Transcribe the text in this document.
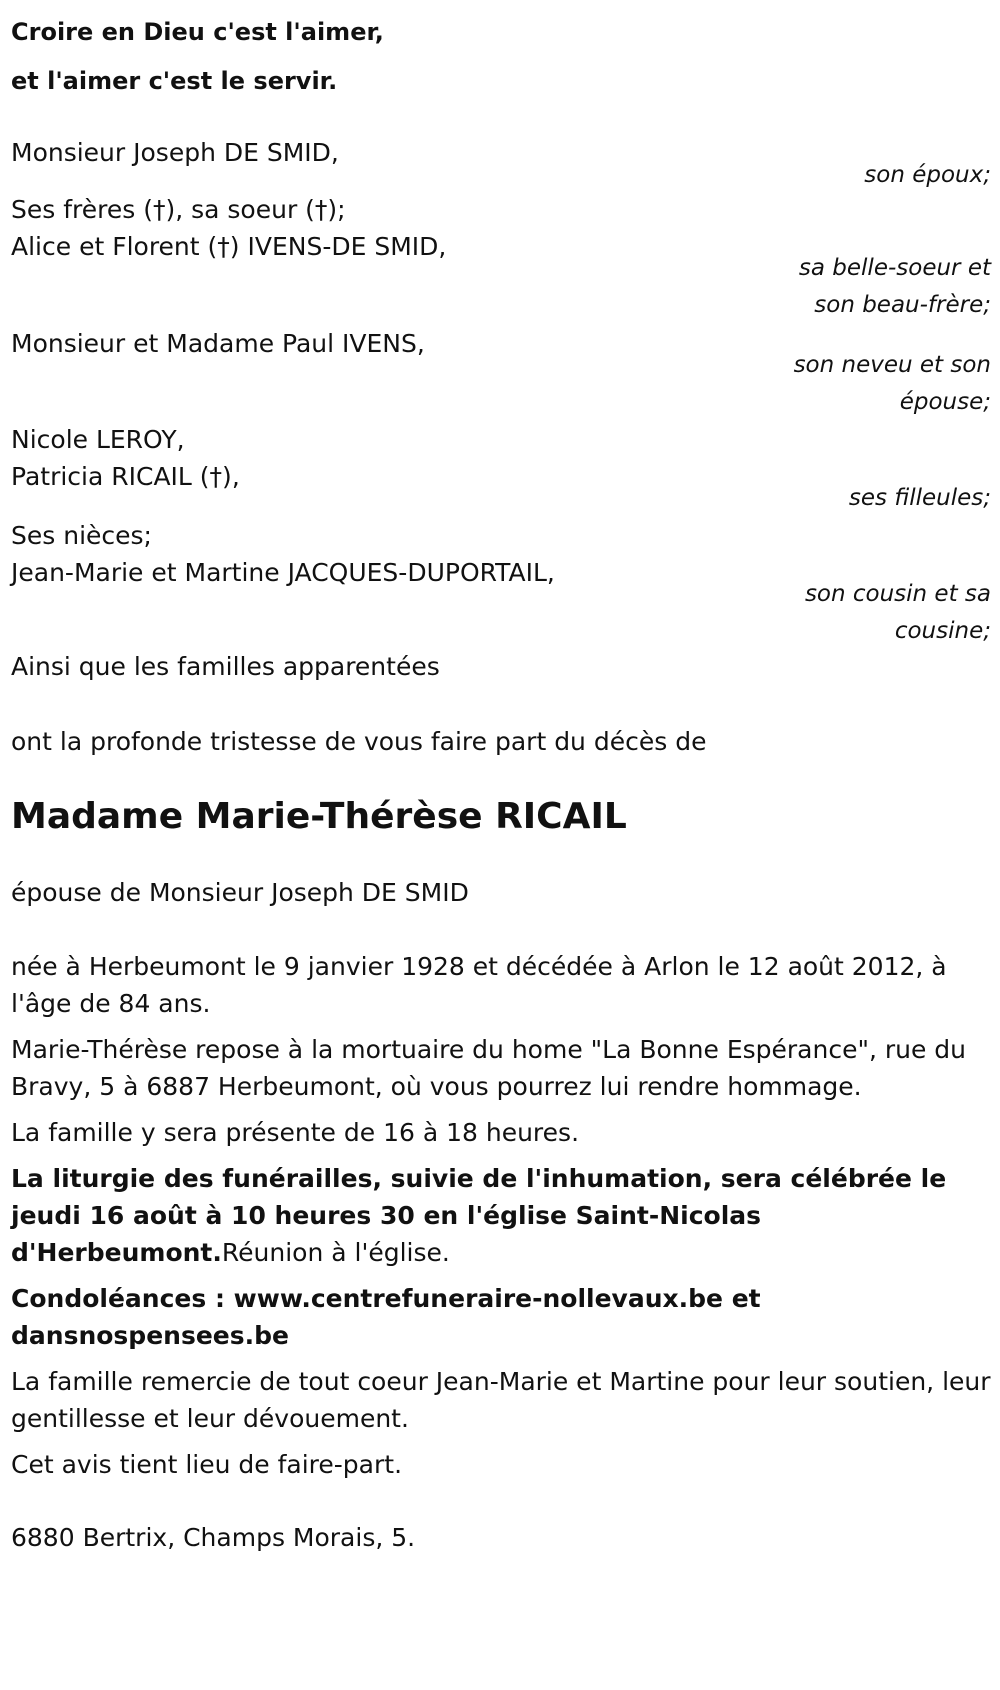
Croire en Dieu c'est l'aimer,
et l'aimer c'est le servir.
Monsieur Joseph DE SMID,
son époux;
Ses frères (†), sa soeur (†);
Alice et Florent (†) IVENS-DE SMID,
sa belle-soeur et
son beau-frère;
Monsieur et Madame Paul IVENS,
son neveu et son
épouse;
Nicole LEROY,
Patricia RICAIL (†),
ses filleules;
Ses nièces;
Jean-Marie et Martine JACQUES-DUPORTAIL,
son cousin et sa
cousine;

Ainsi que les familles apparentées

ont la profonde tristesse de vous faire part du décès de

Madame Marie-Thérèse RICAIL

épouse de Monsieur Joseph DE SMID

née à Herbeumont le 9 janvier 1928 et décédée à Arlon le 12 août 2012, à l'âge de 84 ans.

Marie-Thérèse repose à la mortuaire du home "La Bonne Espérance", rue du Bravy, 5 à 6887 Herbeumont, où vous pourrez lui rendre hommage.

La famille y sera présente de 16 à 18 heures.

La liturgie des funérailles, suivie de l'inhumation, sera célébrée le jeudi 16 août à 10 heures 30 en l'église Saint-Nicolas d'Herbeumont.Réunion à l'église.

Condoléances : www.centrefuneraire-nollevaux.be et dansnospensees.be

La famille remercie de tout coeur Jean-Marie et Martine pour leur soutien, leur gentillesse et leur dévouement.

Cet avis tient lieu de faire-part.

6880 Bertrix, Champs Morais, 5.
